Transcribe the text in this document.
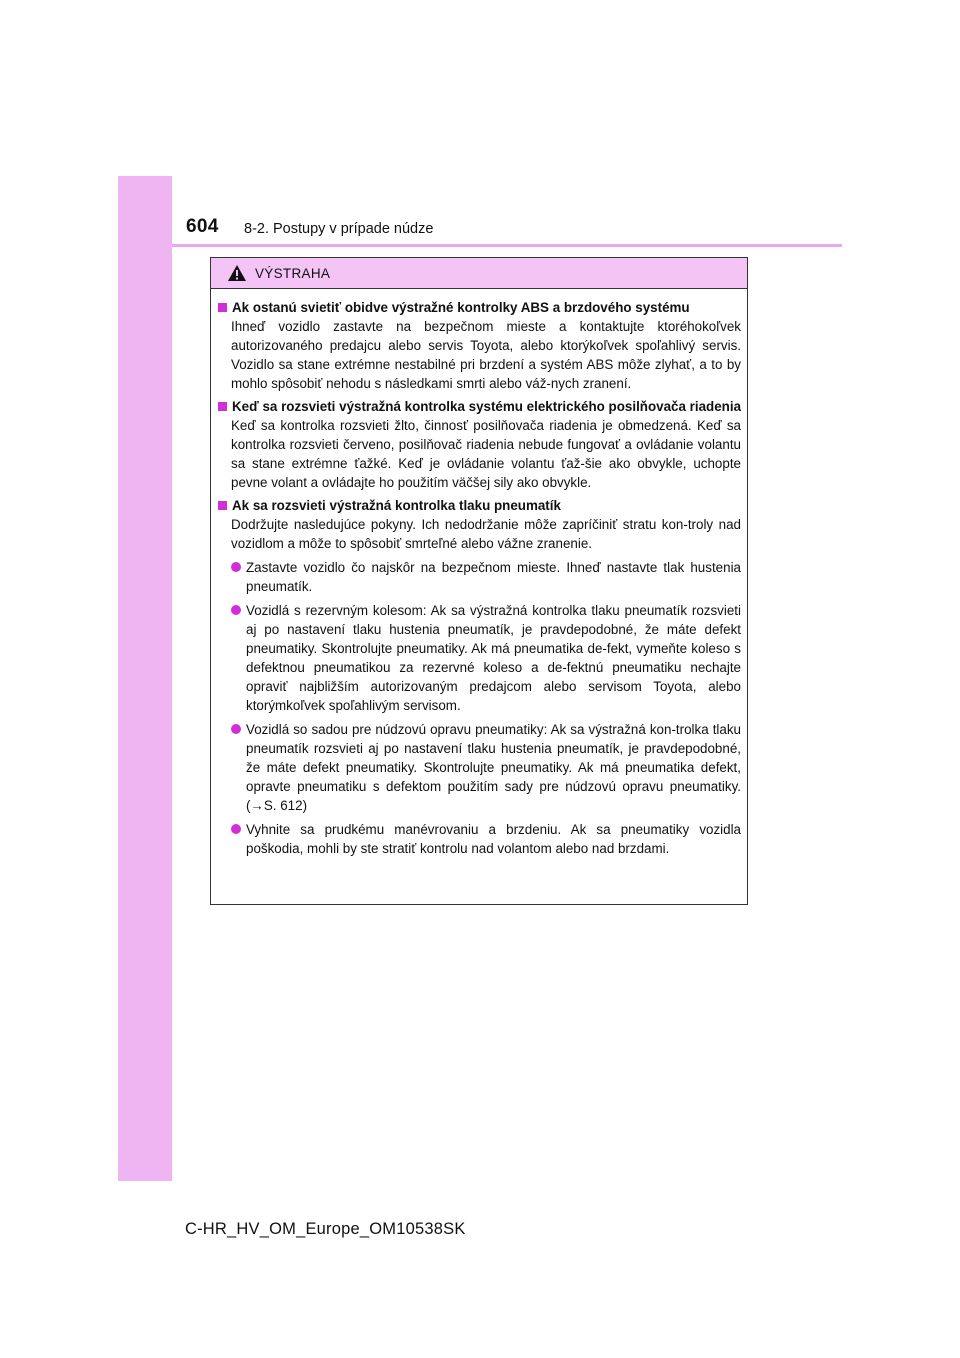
604 8-2. Postupy v prípade núdze
VÝSTRAHA
Ak ostanú svietiť obidve výstražné kontrolky ABS a brzdového systému

Ihneď vozidlo zastavte na bezpečnom mieste a kontaktujte ktoréhokoľvek autorizovaného predajcu alebo servis Toyota, alebo ktorýkoľvek spoľahlivý servis. Vozidlo sa stane extrémne nestabilné pri brzdení a systém ABS môže zlyhať, a to by mohlo spôsobiť nehodu s následkami smrti alebo váž-nych zranení.

Keď sa rozsvieti výstražná kontrolka systému elektrického posilňovača riadenia

Keď sa kontrolka rozsvieti žlto, činnosť posilňovača riadenia je obmedzená. Keď sa kontrolka rozsvieti červeno, posilňovač riadenia nebude fungovať a ovládanie volantu sa stane extrémne ťažké. Keď je ovládanie volantu ťaž-šie ako obvykle, uchopte pevne volant a ovládajte ho použitím väčšej sily ako obvykle.

Ak sa rozsvieti výstražná kontrolka tlaku pneumatík

Dodržujte nasledujúce pokyny. Ich nedodržanie môže zapríčiniť stratu kon-troly nad vozidlom a môže to spôsobiť smrteľné alebo vážne zranenie.

Zastavte vozidlo čo najskôr na bezpečnom mieste. Ihneď nastavte tlak hustenia pneumatík.
Vozidlá s rezervným kolesom: Ak sa výstražná kontrolka tlaku pneumatík rozsvieti aj po nastavení tlaku hustenia pneumatík, je pravdepodobné, že máte defekt pneumatiky. Skontrolujte pneumatiky. Ak má pneumatika de-fekt, vymeňte koleso s defektnou pneumatikou za rezervné koleso a de-fektnú pneumatiku nechajte opraviť najbližším autorizovaným predajcom alebo servisom Toyota, alebo ktorýmkoľvek spoľahlivým servisom.
Vozidlá so sadou pre núdzovú opravu pneumatiky: Ak sa výstražná kon-trolka tlaku pneumatík rozsvieti aj po nastavení tlaku hustenia pneumatík, je pravdepodobné, že máte defekt pneumatiky. Skontrolujte pneumatiky. Ak má pneumatika defekt, opravte pneumatiku s defektom použitím sady pre núdzovú opravu pneumatiky. (→S. 612)
Vyhnite sa prudkému manévrovaniu a brzdeniu. Ak sa pneumatiky vozidla poškodia, mohli by ste stratiť kontrolu nad volantom alebo nad brzdami.
C-HR_HV_OM_Europe_OM10538SK
